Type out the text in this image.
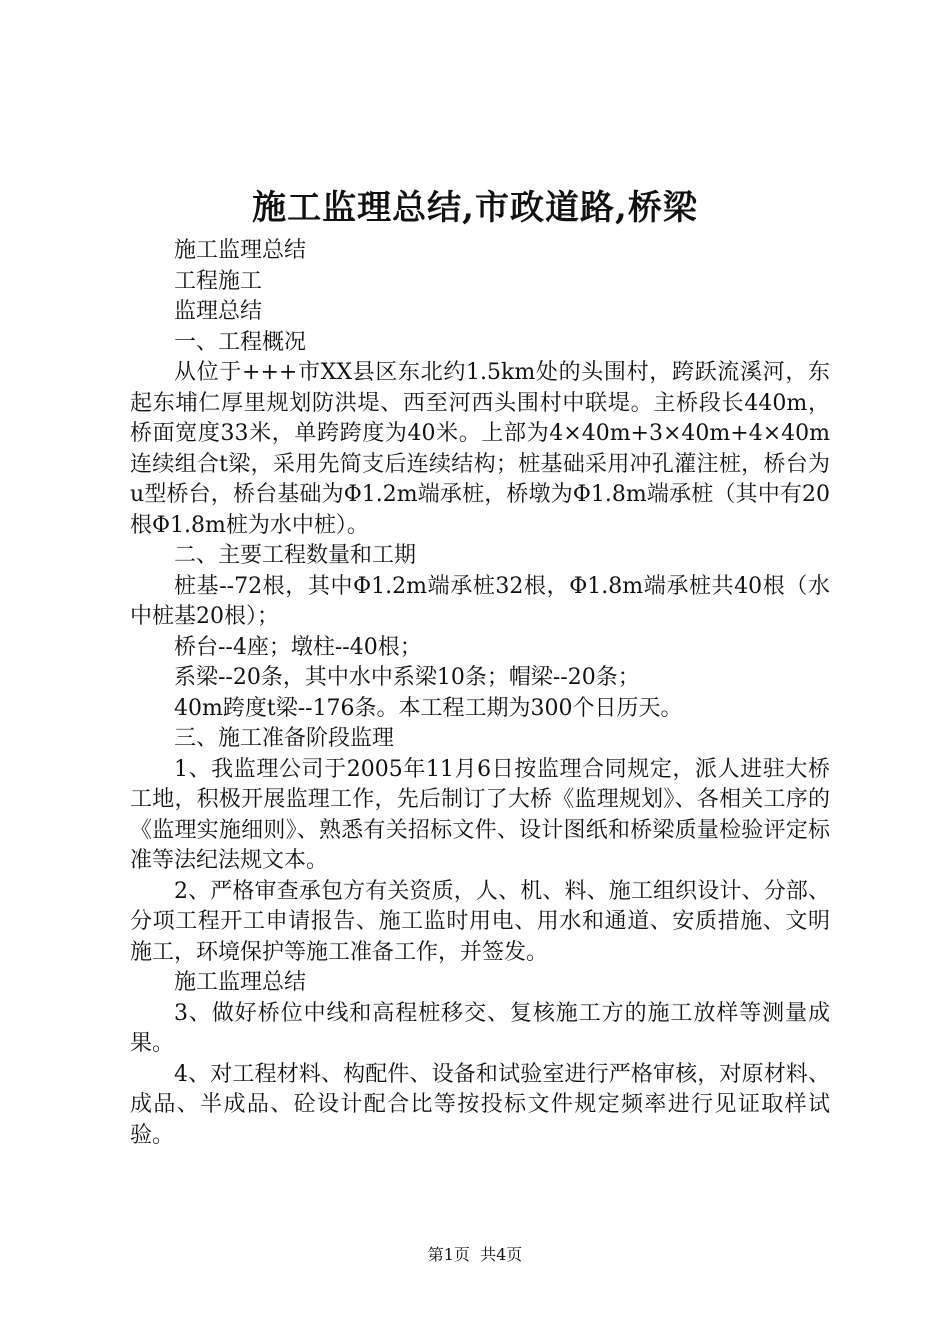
施工监理总结,市政道路,桥梁

施工监理总结

工程施工

监理总结

一、工程概况

从位于+++市XX县区东北约1.5km处的头围村，跨跃流溪河，东起东埔仁厚里规划防洪堤、西至河西头围村中联堤。主桥段长440m，桥面宽度33米，单跨跨度为40米。上部为4×40m+3×40m+4×40m连续组合t梁，采用先简支后连续结构；桩基础采用冲孔灌注桩，桥台为u型桥台，桥台基础为Φ1.2m端承桩，桥墩为Φ1.8m端承桩（其中有20根Φ1.8m桩为水中桩）。

二、主要工程数量和工期

桩基--72根，其中Φ1.2m端承桩32根，Φ1.8m端承桩共40根（水中桩基20根）；

桥台--4座；墩柱--40根；

系梁--20条，其中水中系梁10条；帽梁--20条；

40m跨度t梁--176条。本工程工期为300个日历天。

三、施工准备阶段监理

1、我监理公司于2005年11月6日按监理合同规定，派人进驻大桥工地，积极开展监理工作，先后制订了大桥《监理规划》、各相关工序的《监理实施细则》、熟悉有关招标文件、设计图纸和桥梁质量检验评定标准等法纪法规文本。

2、严格审查承包方有关资质，人、机、料、施工组织设计、分部、分项工程开工申请报告、施工监时用电、用水和通道、安质措施、文明施工，环境保护等施工准备工作，并签发。

施工监理总结

3、做好桥位中线和高程桩移交、复核施工方的施工放样等测量成果。

4、对工程材料、构配件、设备和试验室进行严格审核，对原材料、成品、半成品、砼设计配合比等按投标文件规定频率进行见证取样试验。

第1页  共4页
